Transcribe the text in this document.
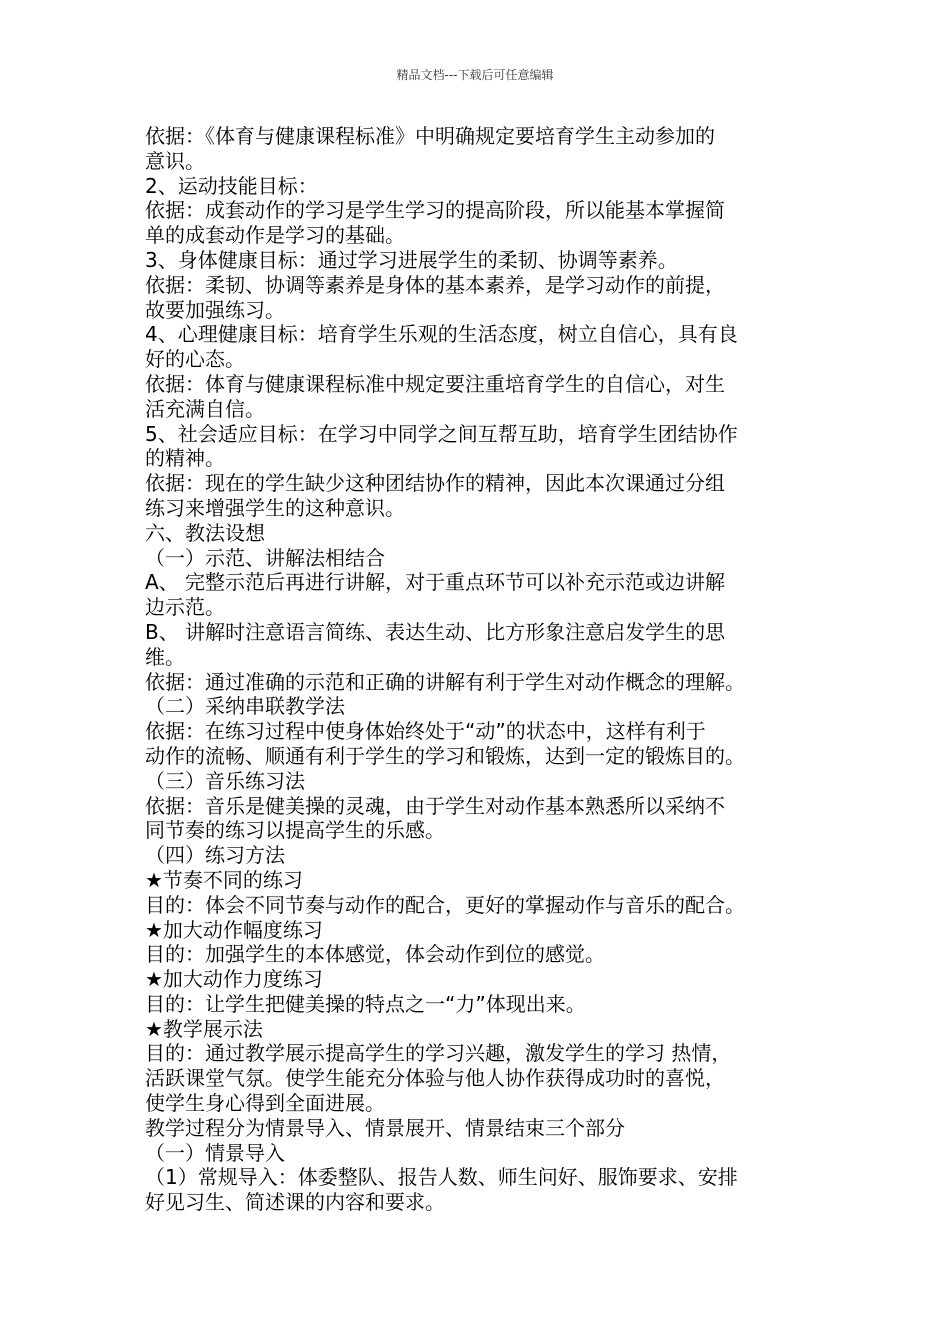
精品文档---下载后可任意编辑
依据：《体育与健康课程标准》中明确规定要培育学生主动参加的
意识。
2、运动技能目标：
依据：成套动作的学习是学生学习的提高阶段，所以能基本掌握简
单的成套动作是学习的基础。
3、身体健康目标：通过学习进展学生的柔韧、协调等素养。
依据：柔韧、协调等素养是身体的基本素养，是学习动作的前提，
故要加强练习。
4、心理健康目标：培育学生乐观的生活态度，树立自信心，具有良
好的心态。
依据：体育与健康课程标准中规定要注重培育学生的自信心，对生
活充满自信。
5、社会适应目标：在学习中同学之间互帮互助，培育学生团结协作
的精神。
依据：现在的学生缺少这种团结协作的精神，因此本次课通过分组
练习来增强学生的这种意识。
六、教法设想
（一）示范、讲解法相结合
A、 完整示范后再进行讲解，对于重点环节可以补充示范或边讲解
边示范。
B、 讲解时注意语言简练、表达生动、比方形象注意启发学生的思
维。
依据：通过准确的示范和正确的讲解有利于学生对动作概念的理解。
（二）采纳串联教学法
依据：在练习过程中使身体始终处于“动”的状态中，这样有利于
动作的流畅、顺通有利于学生的学习和锻炼，达到一定的锻炼目的。
（三）音乐练习法
依据：音乐是健美操的灵魂，由于学生对动作基本熟悉所以采纳不
同节奏的练习以提高学生的乐感。
（四）练习方法
★节奏不同的练习
目的：体会不同节奏与动作的配合，更好的掌握动作与音乐的配合。
★加大动作幅度练习
目的：加强学生的本体感觉，体会动作到位的感觉。
★加大动作力度练习
目的：让学生把健美操的特点之一“力”体现出来。
★教学展示法
目的：通过教学展示提高学生的学习兴趣，激发学生的学习 热情，
活跃课堂气氛。使学生能充分体验与他人协作获得成功时的喜悦，
使学生身心得到全面进展。
教学过程分为情景导入、情景展开、情景结束三个部分
（一）情景导入
（1）常规导入：体委整队、报告人数、师生问好、服饰要求、安排
好见习生、简述课的内容和要求。
